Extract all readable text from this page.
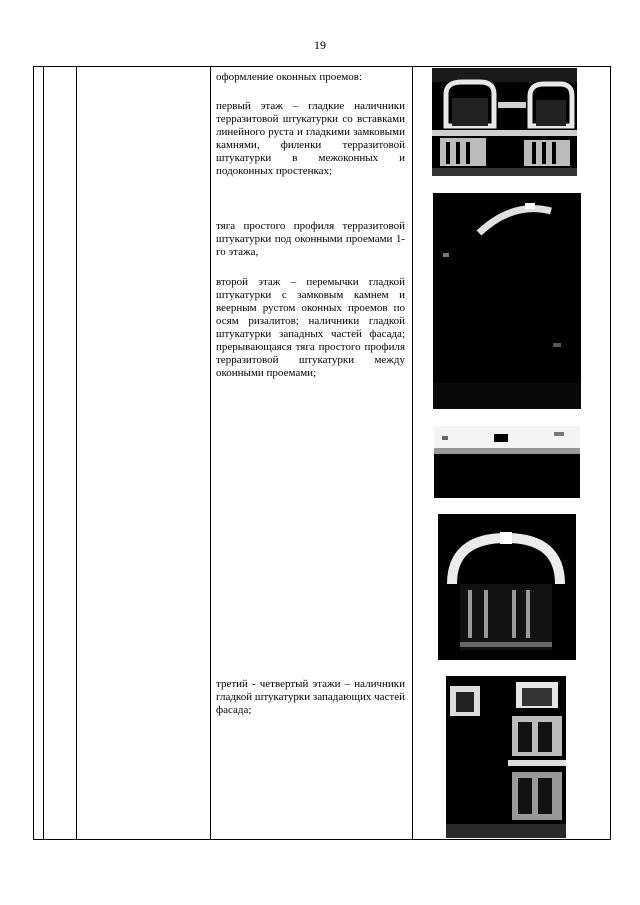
19

оформление оконных проемов:

первый этаж – гладкие наличники терразитовой штукатурки со вставками линейного руста и гладкими замковыми камнями, филенки терразитовой штукатурки в межоконных и подоконных простенках;

тяга простого профиля терразитовой штукатурки под оконными проемами 1-го этажа,

второй этаж – перемычки гладкой штукатурки с замковым камнем и веерным рустом оконных проемов по осям ризалитов; наличники гладкой штукатурки западных частей фасада; прерывающаяся тяга простого профиля терразитовой штукатурки между оконными проемами;

третий - четвертый этажи – наличники гладкой штукатурки западающих частей фасада;
